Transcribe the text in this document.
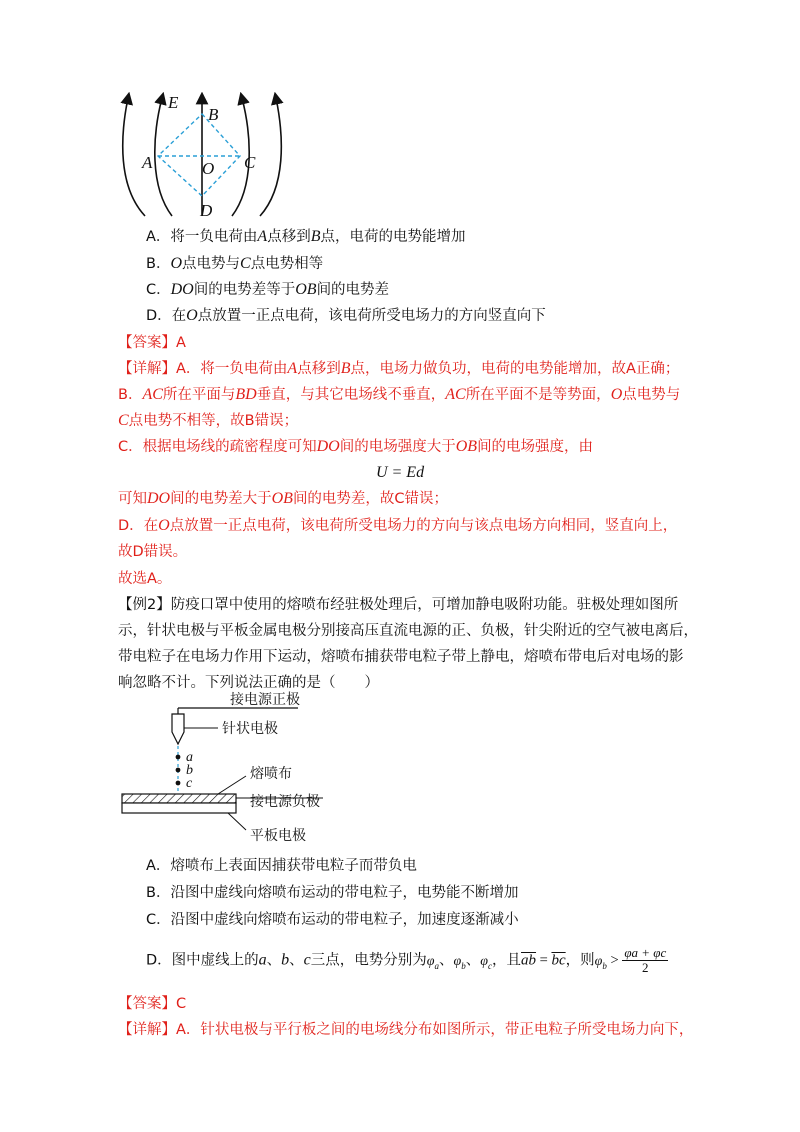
E
B
A	O C
D
A．将一负电荷由A点移到B点，电荷的电势能增加
B．O点电势与C点电势相等
C．DO间的电势差等于OB间的电势差
D．在O点放置一正点电荷，该电荷所受电场力的方向竖直向下
【答案】A
【详解】A．将一负电荷由A点移到B点，电场力做负功，电荷的电势能增加，故A正确；
B．AC所在平面与BD垂直，与其它电场线不垂直，AC所在平面不是等势面，O点电势与
C点电势不相等，故B错误；
C．根据电场线的疏密程度可知DO间的电场强度大于OB间的电场强度，由
U = Ed
可知DO间的电势差大于OB间的电势差，故C错误；
D．在O点放置一正点电荷，该电荷所受电场力的方向与该点电场方向相同，竖直向上，
故D错误。
故选A。
【例2】防疫口罩中使用的熔喷布经驻极处理后，可增加静电吸附功能。驻极处理如图所
示，针状电极与平板金属电极分别接高压直流电源的正、负极，针尖附近的空气被电离后，
带电粒子在电场力作用下运动，熔喷布捕获带电粒子带上静电，熔喷布带电后对电场的影
响忽略不计。下列说法正确的是（　　）
接电源正极
针状电极
a
b
c
熔喷布
接电源负极
平板电极
A．熔喷布上表面因捕获带电粒子而带负电
B．沿图中虚线向熔喷布运动的带电粒子，电势能不断增加
C．沿图中虚线向熔喷布运动的带电粒子，加速度逐渐减小
D．图中虚线上的a、b、c三点，电势分别为$\varphi_a$、$\varphi_b$、$\varphi_c$，且$\overline{ab} = \overline{bc}$，则$\varphi_b > \frac{\varphi a + \varphi c}{2}$
【答案】C
【详解】A．针状电极与平行板之间的电场线分布如图所示，带正电粒子所受电场力向下，
